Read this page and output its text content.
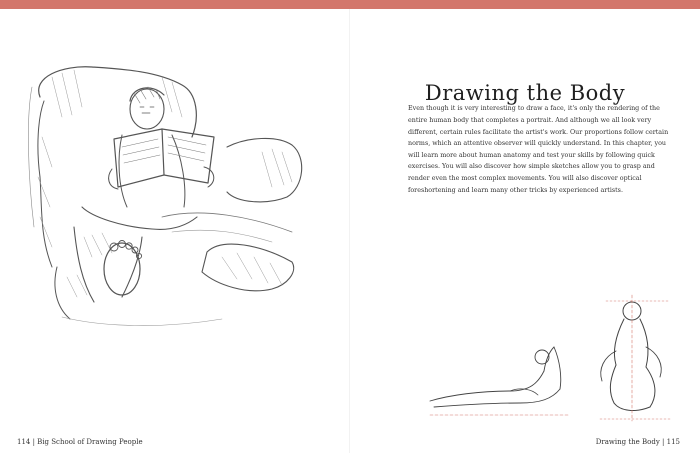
114 | Big School of Drawing People
Drawing the Body

Even though it is very interesting to draw a face, it's only the rendering of the entire human body that completes a portrait. And although we all look very different, certain rules facilitate the artist's work. Our proportions follow certain norms, which an attentive observer will quickly understand. In this chapter, you will learn more about human anatomy and test your skills by following quick exercises. You will also discover how simple sketches allow you to grasp and render even the most complex movements. You will also discover optical foreshortening and learn many other tricks by experienced artists.

Drawing the Body | 115
